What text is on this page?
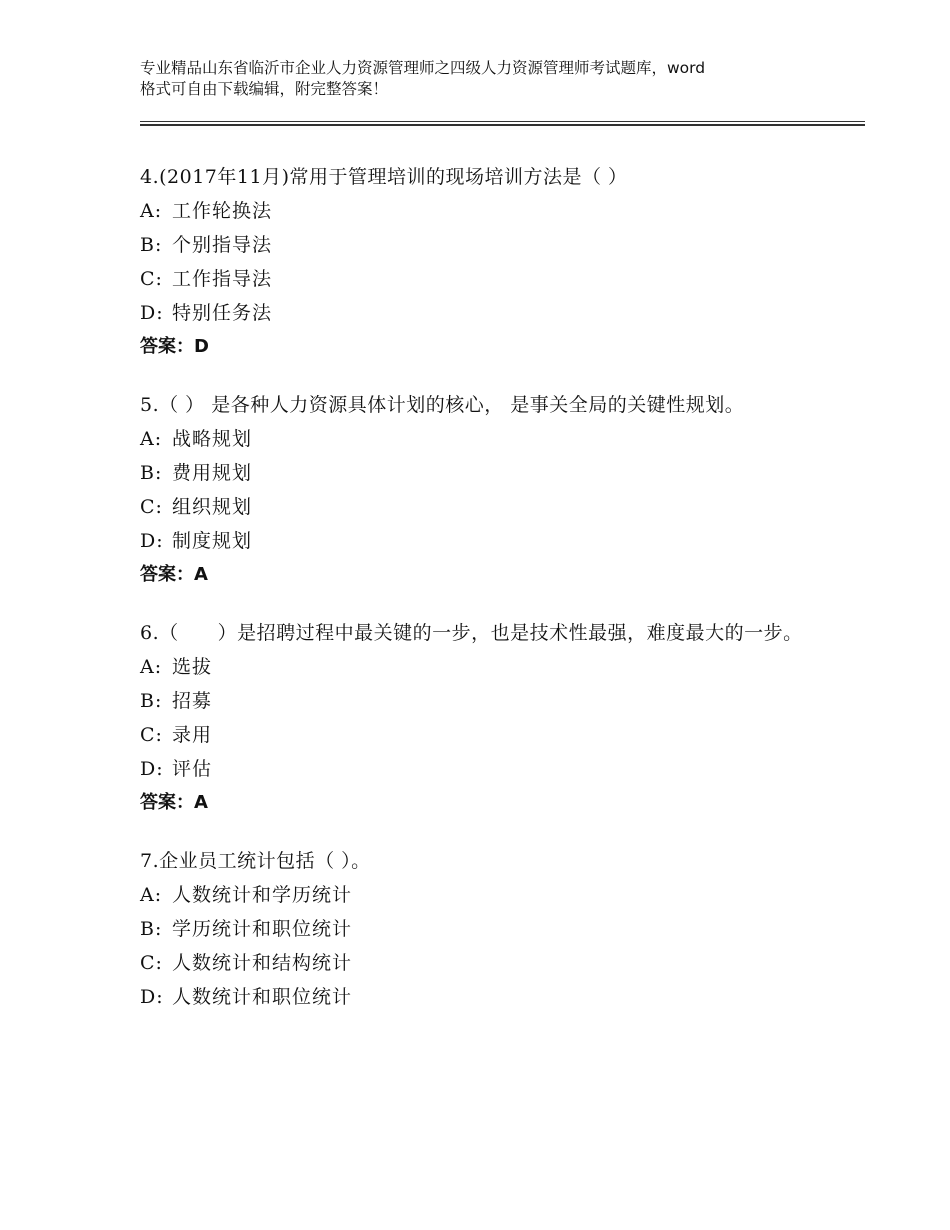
专业精品山东省临沂市企业人力资源管理师之四级人力资源管理师考试题库，word
格式可自由下载编辑，附完整答案！

4.(2017年11月)常用于管理培训的现场培训方法是（ ）

A: 工作轮换法

B: 个别指导法

C: 工作指导法

D: 特别任务法

答案：D

5.（ ） 是各种人力资源具体计划的核心， 是事关全局的关键性规划。

A: 战略规划

B: 费用规划

C: 组织规划

D: 制度规划

答案：A

6.（　　）是招聘过程中最关键的一步，也是技术性最强，难度最大的一步。

A: 选拔

B: 招募

C: 录用

D: 评估

答案：A

7.企业员工统计包括（ ）。

A: 人数统计和学历统计

B: 学历统计和职位统计

C: 人数统计和结构统计

D: 人数统计和职位统计
